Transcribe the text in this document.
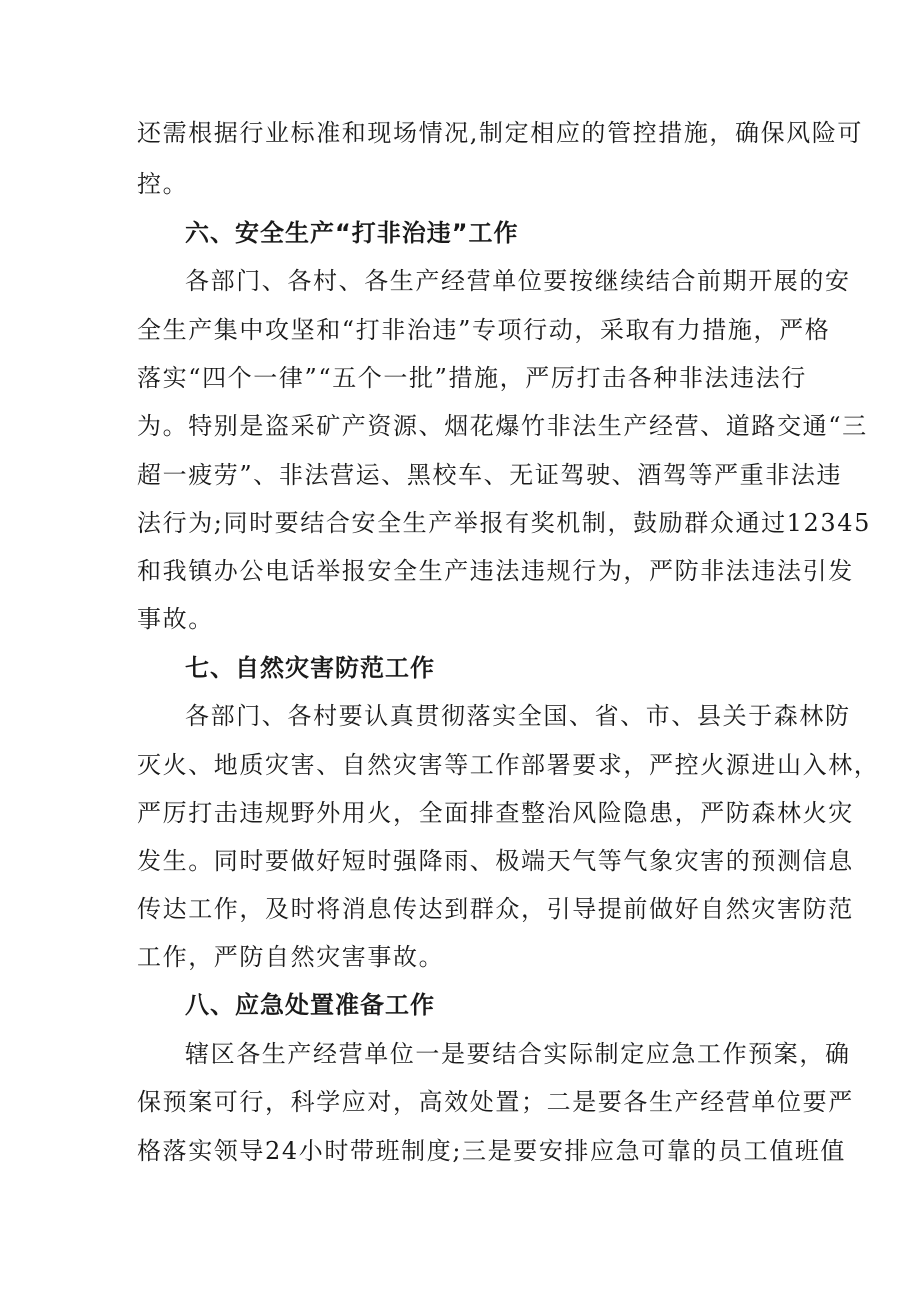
还需根据行业标准和现场情况,制定相应的管控措施，确保风险可
控。
六、安全生产“打非治违”工作
各部门、各村、各生产经营单位要按继续结合前期开展的安
全生产集中攻坚和“打非治违”专项行动，采取有力措施，严格
落实“四个一律”“五个一批”措施，严厉打击各种非法违法行
为。特别是盗采矿产资源、烟花爆竹非法生产经营、道路交通“三
超一疲劳”、非法营运、黑校车、无证驾驶、酒驾等严重非法违
法行为;同时要结合安全生产举报有奖机制，鼓励群众通过12345
和我镇办公电话举报安全生产违法违规行为，严防非法违法引发
事故。
七、自然灾害防范工作
各部门、各村要认真贯彻落实全国、省、市、县关于森林防
灭火、地质灾害、自然灾害等工作部署要求，严控火源进山入林，
严厉打击违规野外用火，全面排查整治风险隐患，严防森林火灾
发生。同时要做好短时强降雨、极端天气等气象灾害的预测信息
传达工作，及时将消息传达到群众，引导提前做好自然灾害防范
工作，严防自然灾害事故。
八、应急处置准备工作
辖区各生产经营单位一是要结合实际制定应急工作预案，确
保预案可行，科学应对，高效处置；二是要各生产经营单位要严
格落实领导24小时带班制度;三是要安排应急可靠的员工值班值
